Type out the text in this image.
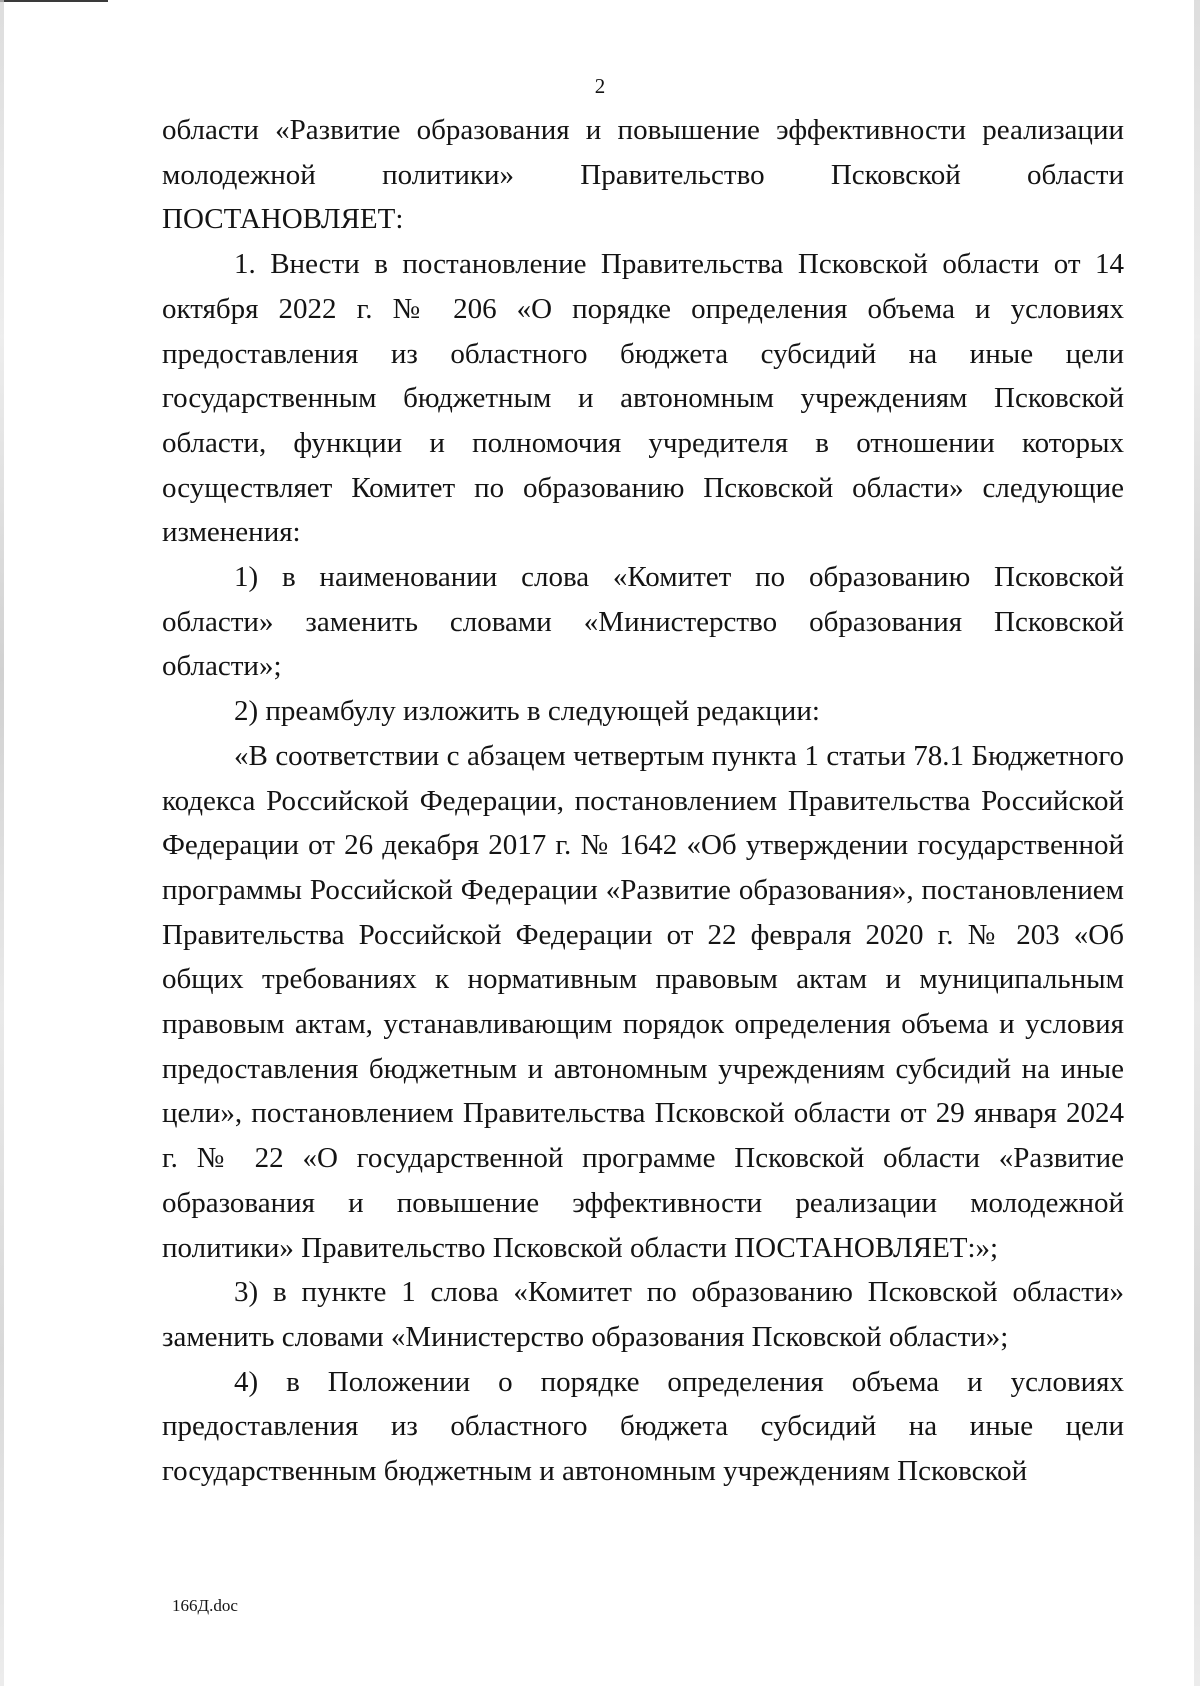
2

области «Развитие образования и повышение эффективности реализации молодежной политики» Правительство Псковской области ПОСТАНОВЛЯЕТ:

1. Внести в постановление Правительства Псковской области от 14 октября 2022 г. № 206 «О порядке определения объема и условиях предоставления из областного бюджета субсидий на иные цели государственным бюджетным и автономным учреждениям Псковской области, функции и полномочия учредителя в отношении которых осуществляет Комитет по образованию Псковской области» следующие изменения:

1) в наименовании слова «Комитет по образованию Псковской области» заменить словами «Министерство образования Псковской области»;

2) преамбулу изложить в следующей редакции:

«В соответствии с абзацем четвертым пункта 1 статьи 78.1 Бюджетного кодекса Российской Федерации, постановлением Правительства Российской Федерации от 26 декабря 2017 г. № 1642 «Об утверждении государственной программы Российской Федерации «Развитие образования», постановлением Правительства Российской Федерации от 22 февраля 2020 г. № 203 «Об общих требованиях к нормативным правовым актам и муниципальным правовым актам, устанавливающим порядок определения объема и условия предоставления бюджетным и автономным учреждениям субсидий на иные цели», постановлением Правительства Псковской области от 29 января 2024 г. № 22 «О государственной программе Псковской области «Развитие образования и повышение эффективности реализации молодежной политики» Правительство Псковской области ПОСТАНОВЛЯЕТ:»;

3) в пункте 1 слова «Комитет по образованию Псковской области» заменить словами «Министерство образования Псковской области»;

4) в Положении о порядке определения объема и условиях предоставления из областного бюджета субсидий на иные цели государственным бюджетным и автономным учреждениям Псковской

166Д.doc
